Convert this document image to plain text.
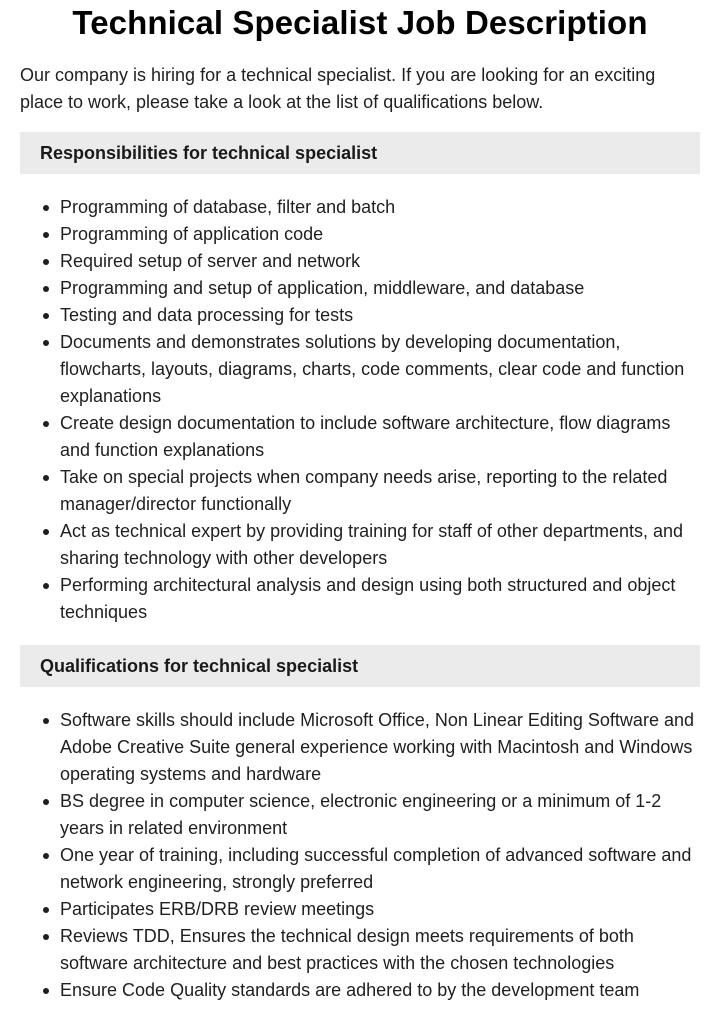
Technical Specialist Job Description

Our company is hiring for a technical specialist. If you are looking for an exciting place to work, please take a look at the list of qualifications below.

Responsibilities for technical specialist
Programming of database, filter and batch
Programming of application code
Required setup of server and network
Programming and setup of application, middleware, and database
Testing and data processing for tests
Documents and demonstrates solutions by developing documentation, flowcharts, layouts, diagrams, charts, code comments, clear code and function explanations
Create design documentation to include software architecture, flow diagrams and function explanations
Take on special projects when company needs arise, reporting to the related manager/director functionally
Act as technical expert by providing training for staff of other departments, and sharing technology with other developers
Performing architectural analysis and design using both structured and object techniques
Qualifications for technical specialist
Software skills should include Microsoft Office, Non Linear Editing Software and Adobe Creative Suite general experience working with Macintosh and Windows operating systems and hardware
BS degree in computer science, electronic engineering or a minimum of 1-2 years in related environment
One year of training, including successful completion of advanced software and network engineering, strongly preferred
Participates ERB/DRB review meetings
Reviews TDD, Ensures the technical design meets requirements of both software architecture and best practices with the chosen technologies
Ensure Code Quality standards are adhered to by the development team
